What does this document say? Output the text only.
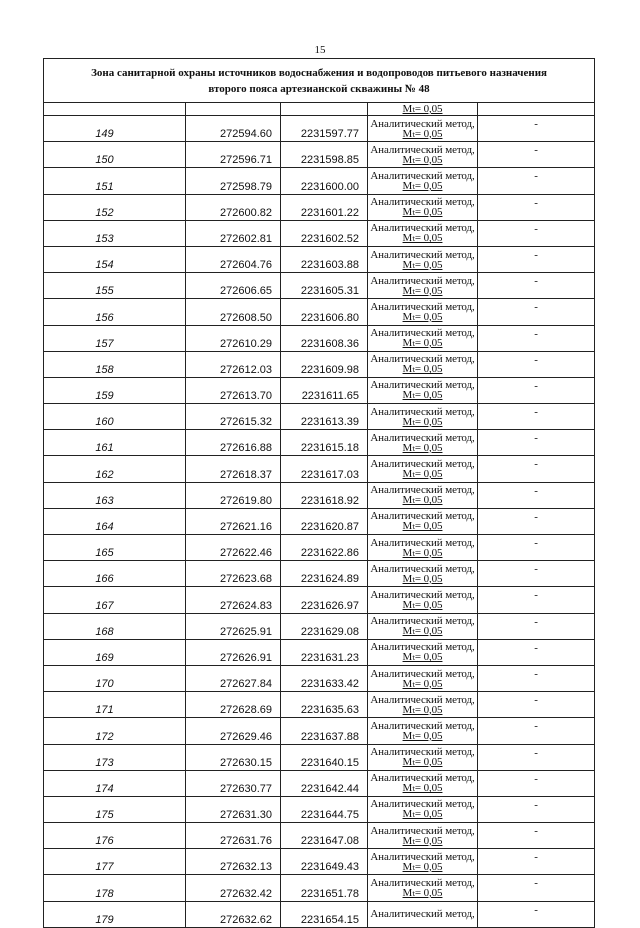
15
Зона санитарной охраны источников водоснабжения и водопроводов питьевого назначения
второго пояса артезианской скважины № 48				

			Mₜ= 0,05	

149	272594.60	2231597.77	Аналитический метод,
Mₜ= 0,05	-
150	272596.71	2231598.85	Аналитический метод,
Mₜ= 0,05	-
151	272598.79	2231600.00	Аналитический метод,
Mₜ= 0,05	-
152	272600.82	2231601.22	Аналитический метод,
Mₜ= 0,05	-
153	272602.81	2231602.52	Аналитический метод,
Mₜ= 0,05	-
154	272604.76	2231603.88	Аналитический метод,
Mₜ= 0,05	-
155	272606.65	2231605.31	Аналитический метод,
Mₜ= 0,05	-
156	272608.50	2231606.80	Аналитический метод,
Mₜ= 0,05	-
157	272610.29	2231608.36	Аналитический метод,
Mₜ= 0,05	-
158	272612.03	2231609.98	Аналитический метод,
Mₜ= 0,05	-
159	272613.70	2231611.65	Аналитический метод,
Mₜ= 0,05	-
160	272615.32	2231613.39	Аналитический метод,
Mₜ= 0,05	-
161	272616.88	2231615.18	Аналитический метод,
Mₜ= 0,05	-
162	272618.37	2231617.03	Аналитический метод,
Mₜ= 0,05	-
163	272619.80	2231618.92	Аналитический метод,
Mₜ= 0,05	-
164	272621.16	2231620.87	Аналитический метод,
Mₜ= 0,05	-
165	272622.46	2231622.86	Аналитический метод,
Mₜ= 0,05	-
166	272623.68	2231624.89	Аналитический метод,
Mₜ= 0,05	-
167	272624.83	2231626.97	Аналитический метод,
Mₜ= 0,05	-
168	272625.91	2231629.08	Аналитический метод,
Mₜ= 0,05	-
169	272626.91	2231631.23	Аналитический метод,
Mₜ= 0,05	-
170	272627.84	2231633.42	Аналитический метод,
Mₜ= 0,05	-
171	272628.69	2231635.63	Аналитический метод,
Mₜ= 0,05	-
172	272629.46	2231637.88	Аналитический метод,
Mₜ= 0,05	-
173	272630.15	2231640.15	Аналитический метод,
Mₜ= 0,05	-
174	272630.77	2231642.44	Аналитический метод,
Mₜ= 0,05	-
175	272631.30	2231644.75	Аналитический метод,
Mₜ= 0,05	-
176	272631.76	2231647.08	Аналитический метод,
Mₜ= 0,05	-
177	272632.13	2231649.43	Аналитический метод,
Mₜ= 0,05	-
178	272632.42	2231651.78	Аналитический метод,
Mₜ= 0,05	-
179	272632.62	2231654.15	Аналитический метод,	-
